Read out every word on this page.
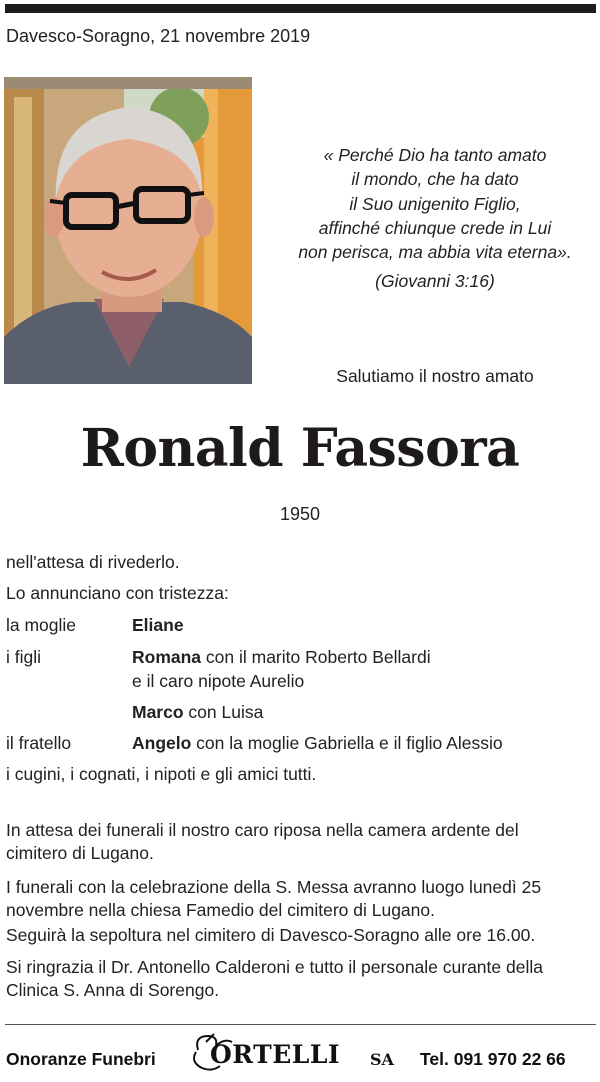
Davesco-Soragno, 21 novembre 2019
« Perché Dio ha tanto amato
il mondo, che ha dato
il Suo unigenito Figlio,
affinché chiunque crede in Lui
non perisca, ma abbia vita eterna».
(Giovanni 3:16)
Salutiamo il nostro amato
Ronald Fassora
1950
nell'attesa di rivederlo.
Lo annunciano con tristezza:
la moglie	Eliane
i figli	Romana con il marito Roberto Bellardi
e il caro nipote Aurelio
Marco con Luisa
il fratello	Angelo con la moglie Gabriella e il figlio Alessio
i cugini, i cognati, i nipoti e gli amici tutti.
In attesa dei funerali il nostro caro riposa nella camera ardente del cimitero di Lugano.
I funerali con la celebrazione della S. Messa avranno luogo lunedì 25 novembre nella chiesa Famedio del cimitero di Lugano.
Seguirà la sepoltura nel cimitero di Davesco-Soragno alle ore 16.00.
Si ringrazia il Dr. Antonello Calderoni e tutto il personale curante della Clinica S. Anna di Sorengo.
Onoranze Funebri ORTELLI SA Tel. 091 970 22 66
